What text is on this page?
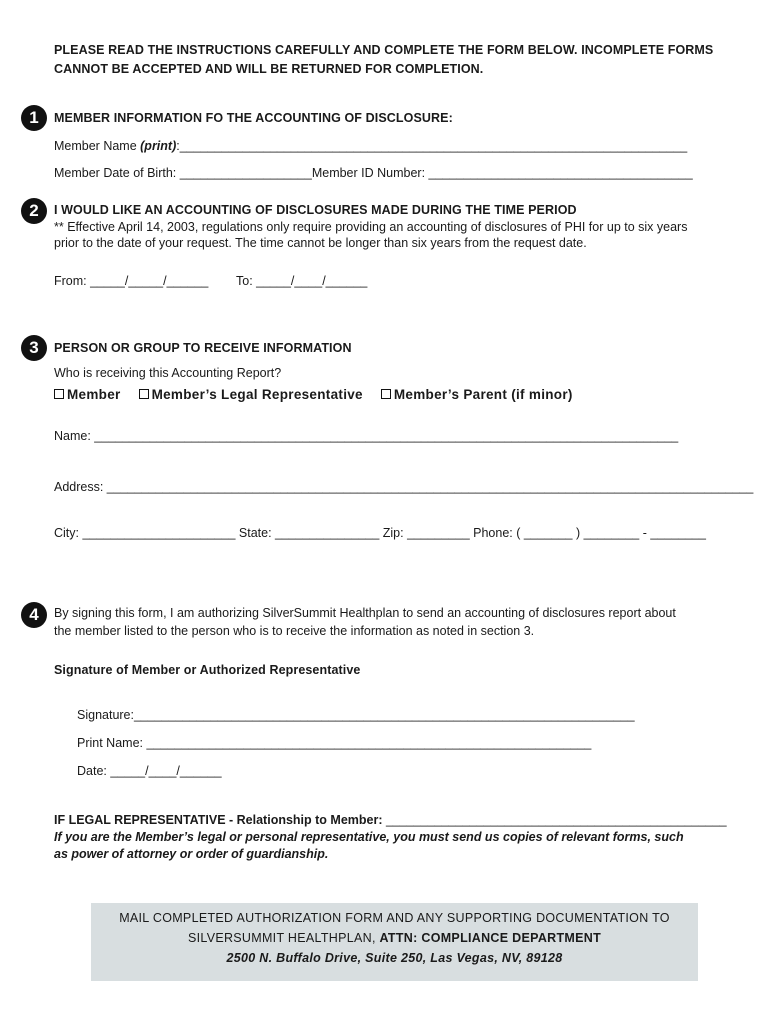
PLEASE READ THE INSTRUCTIONS CAREFULLY AND COMPLETE THE FORM BELOW. INCOMPLETE FORMS
CANNOT BE ACCEPTED AND WILL BE RETURNED FOR COMPLETION.
1	MEMBER INFORMATION FO THE ACCOUNTING OF DISCLOSURE:
Member Name (print):_________________________________________________________________________
Member Date of Birth: ___________________Member ID Number: ______________________________________
2	I WOULD LIKE AN ACCOUNTING OF DISCLOSURES MADE DURING THE TIME PERIOD
** Effective April 14, 2003, regulations only require providing an accounting of disclosures of PHI for up to six years
prior to the date of your request. The time cannot be longer than six years from the request date.
From: _____/_____/______ To: _____/____/______
3	PERSON OR GROUP TO RECEIVE INFORMATION
Who is receiving this Accounting Report?
Member Member’s Legal Representative Member’s Parent (if minor)
Name: ____________________________________________________________________________________
Address: _____________________________________________________________________________________________
City: ______________________ State: _______________ Zip: _________ Phone: ( _______ ) ________ - ________
4	By signing this form, I am authorizing SilverSummit Healthplan to send an accounting of disclosures report about
the member listed to the person who is to receive the information as noted in section 3.
Signature of Member or Authorized Representative
Signature:________________________________________________________________________
Print Name: ________________________________________________________________
Date: _____/____/______
IF LEGAL REPRESENTATIVE - Relationship to Member: _________________________________________________
If you are the Member’s legal or personal representative, you must send us copies of relevant forms, such
as power of attorney or order of guardianship.
MAIL COMPLETED AUTHORIZATION FORM AND ANY SUPPORTING DOCUMENTATION TO
SILVERSUMMIT HEALTHPLAN, ATTN: COMPLIANCE DEPARTMENT
2500 N. Buffalo Drive, Suite 250, Las Vegas, NV, 89128
